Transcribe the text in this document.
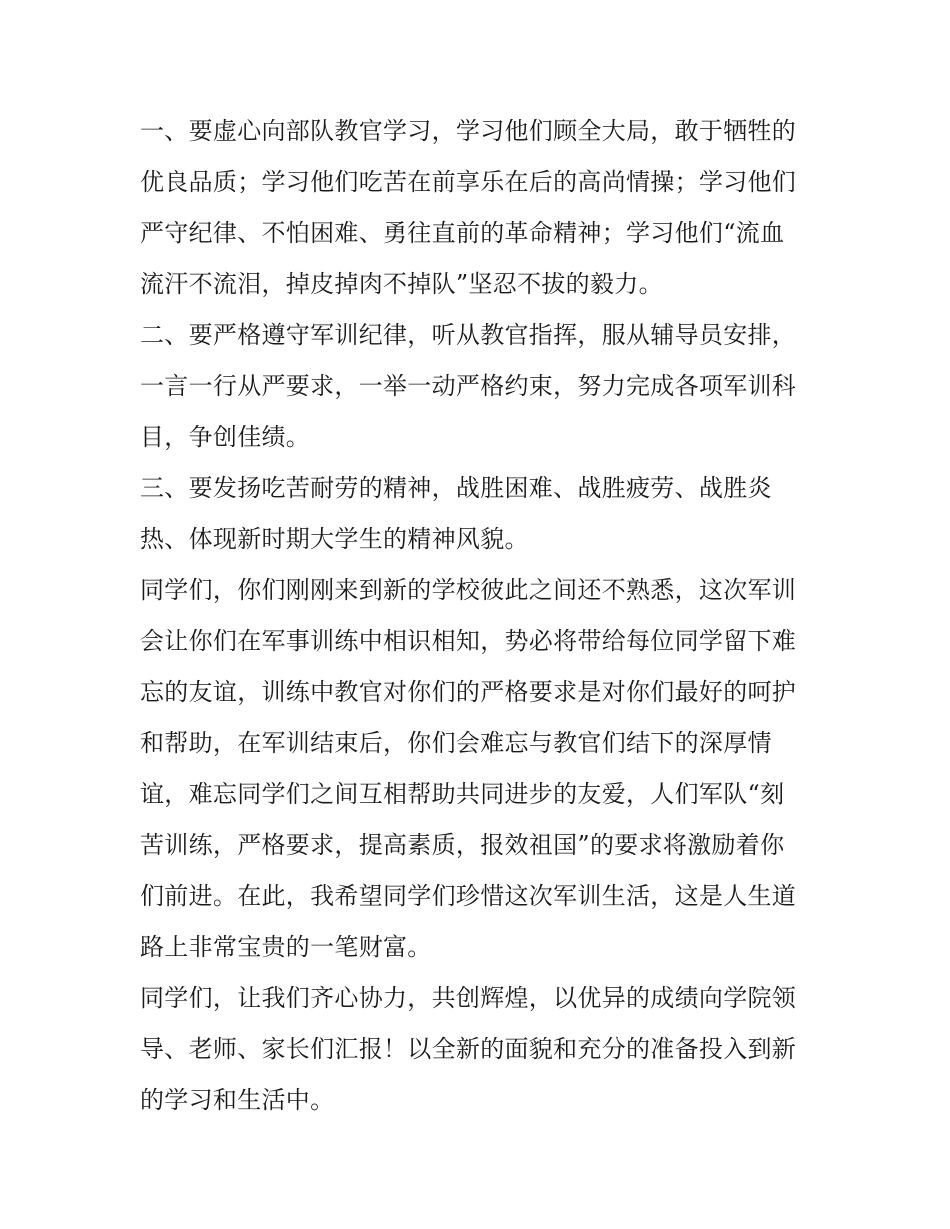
一、要虚心向部队教官学习，学习他们顾全大局，敢于牺牲的
优良品质；学习他们吃苦在前享乐在后的高尚情操；学习他们
严守纪律、不怕困难、勇往直前的革命精神；学习他们“流血
流汗不流泪，掉皮掉肉不掉队”坚忍不拔的毅力。

二、要严格遵守军训纪律，听从教官指挥，服从辅导员安排，
一言一行从严要求，一举一动严格约束，努力完成各项军训科
目，争创佳绩。

三、要发扬吃苦耐劳的精神，战胜困难、战胜疲劳、战胜炎
热、体现新时期大学生的精神风貌。

同学们，你们刚刚来到新的学校彼此之间还不熟悉，这次军训
会让你们在军事训练中相识相知，势必将带给每位同学留下难
忘的友谊，训练中教官对你们的严格要求是对你们最好的呵护
和帮助，在军训结束后，你们会难忘与教官们结下的深厚情
谊，难忘同学们之间互相帮助共同进步的友爱，人们军队“刻
苦训练，严格要求，提高素质，报效祖国”的要求将激励着你
们前进。在此，我希望同学们珍惜这次军训生活，这是人生道
路上非常宝贵的一笔财富。

同学们，让我们齐心协力，共创辉煌，以优异的成绩向学院领
导、老师、家长们汇报！以全新的面貌和充分的准备投入到新
的学习和生活中。
